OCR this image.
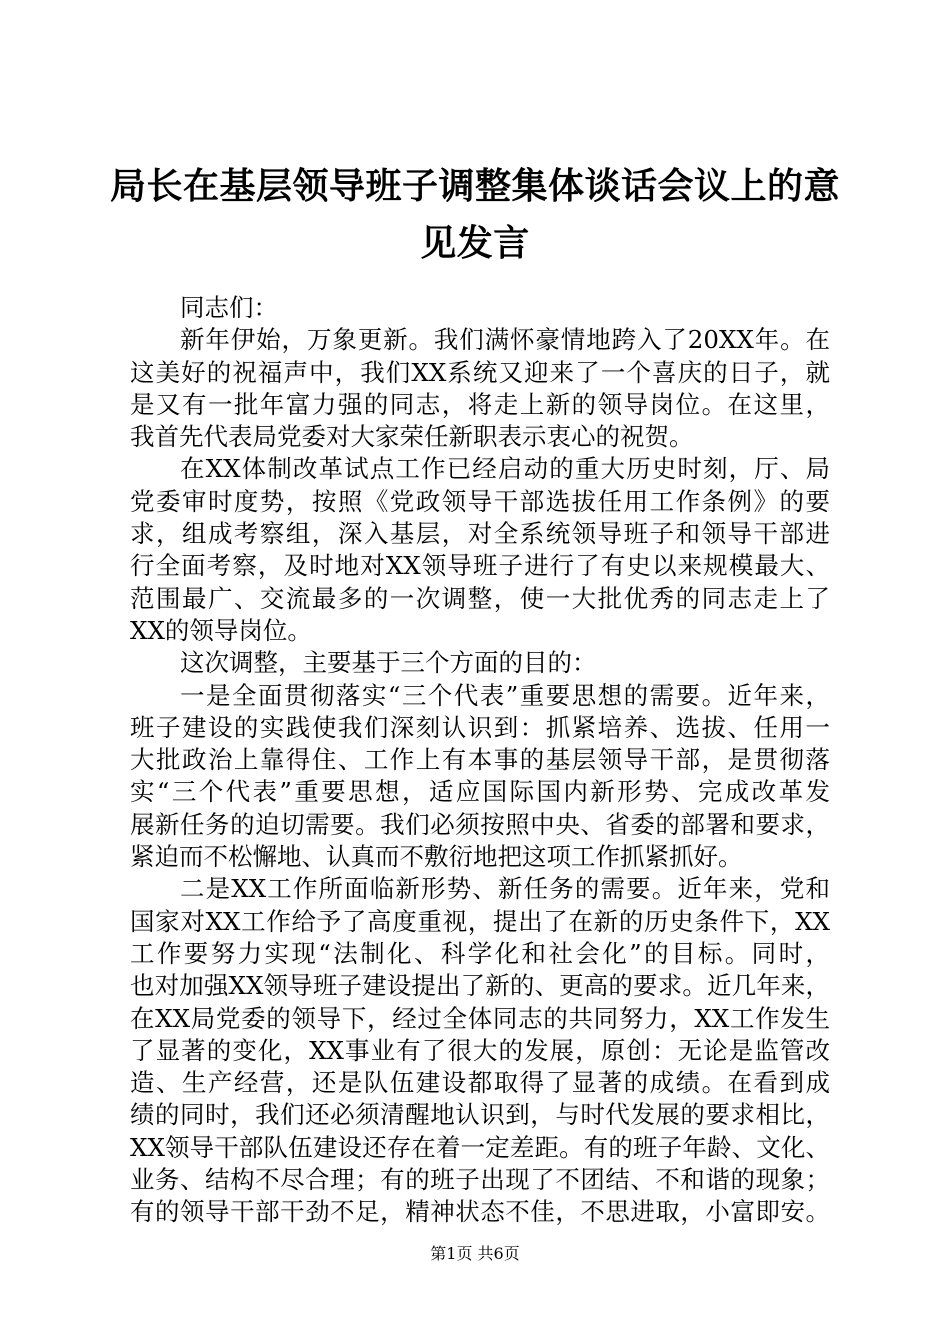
局长在基层领导班子调整集体谈话会议上的意
见发言
同志们：
新年伊始，万象更新。我们满怀豪情地跨入了20XX年。在
这美好的祝福声中，我们XX系统又迎来了一个喜庆的日子，就
是又有一批年富力强的同志，将走上新的领导岗位。在这里，
我首先代表局党委对大家荣任新职表示衷心的祝贺。
在XX体制改革试点工作已经启动的重大历史时刻，厅、局
党委审时度势，按照《党政领导干部选拔任用工作条例》的要
求，组成考察组，深入基层，对全系统领导班子和领导干部进
行全面考察，及时地对XX领导班子进行了有史以来规模最大、
范围最广、交流最多的一次调整，使一大批优秀的同志走上了
XX的领导岗位。
这次调整，主要基于三个方面的目的：
一是全面贯彻落实“三个代表”重要思想的需要。近年来，
班子建设的实践使我们深刻认识到：抓紧培养、选拔、任用一
大批政治上靠得住、工作上有本事的基层领导干部，是贯彻落
实“三个代表”重要思想，适应国际国内新形势、完成改革发
展新任务的迫切需要。我们必须按照中央、省委的部署和要求，
紧迫而不松懈地、认真而不敷衍地把这项工作抓紧抓好。
二是XX工作所面临新形势、新任务的需要。近年来，党和
国家对XX工作给予了高度重视，提出了在新的历史条件下，XX
工作要努力实现“法制化、科学化和社会化”的目标。同时，
也对加强XX领导班子建设提出了新的、更高的要求。近几年来，
在XX局党委的领导下，经过全体同志的共同努力，XX工作发生
了显著的变化，XX事业有了很大的发展，原创：无论是监管改
造、生产经营，还是队伍建设都取得了显著的成绩。在看到成
绩的同时，我们还必须清醒地认识到，与时代发展的要求相比，
XX领导干部队伍建设还存在着一定差距。有的班子年龄、文化、
业务、结构不尽合理；有的班子出现了不团结、不和谐的现象；
有的领导干部干劲不足，精神状态不佳，不思进取，小富即安。
第1页 共6页
